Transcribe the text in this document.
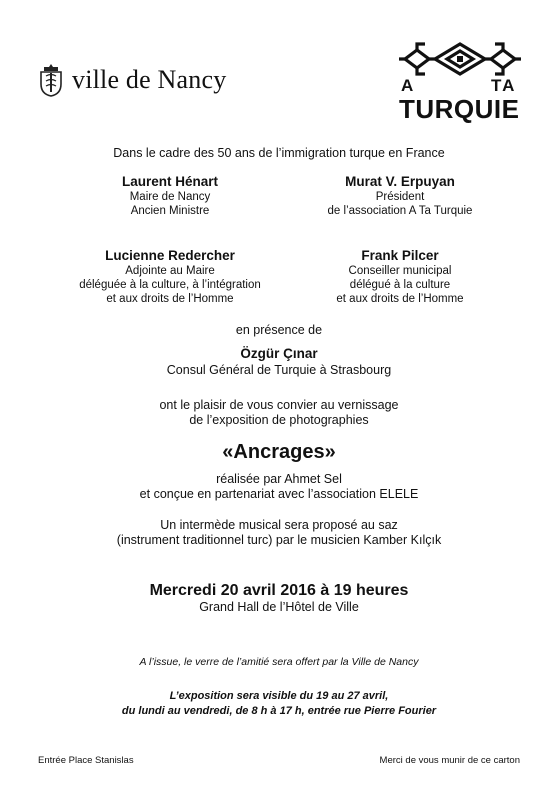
ville de Nancy	A	TA
TURQUIE
Dans le cadre des 50 ans de l’immigration turque en France
Laurent Hénart
Maire de Nancy
Ancien Ministre
Murat V. Erpuyan
Président
de l’association A Ta Turquie
Lucienne Redercher
Adjointe au Maire
déléguée à la culture, à l’intégration
et aux droits de l’Homme
Frank Pilcer
Conseiller municipal
délégué à la culture
et aux droits de l’Homme
en présence de
Özgür Çınar
Consul Général de Turquie à Strasbourg
ont le plaisir de vous convier au vernissage
de l’exposition de photographies
«Ancrages»
réalisée par Ahmet Sel
et conçue en partenariat avec l’association ELELE
Un intermède musical sera proposé au saz
(instrument traditionnel turc) par le musicien Kamber Kılçık
Mercredi 20 avril 2016 à 19 heures
Grand Hall de l’Hôtel de Ville
A l’issue, le verre de l’amitié sera offert par la Ville de Nancy
L’exposition sera visible du 19 au 27 avril,
du lundi au vendredi, de 8 h à 17 h, entrée rue Pierre Fourier
Entrée Place Stanislas	Merci de vous munir de ce carton
